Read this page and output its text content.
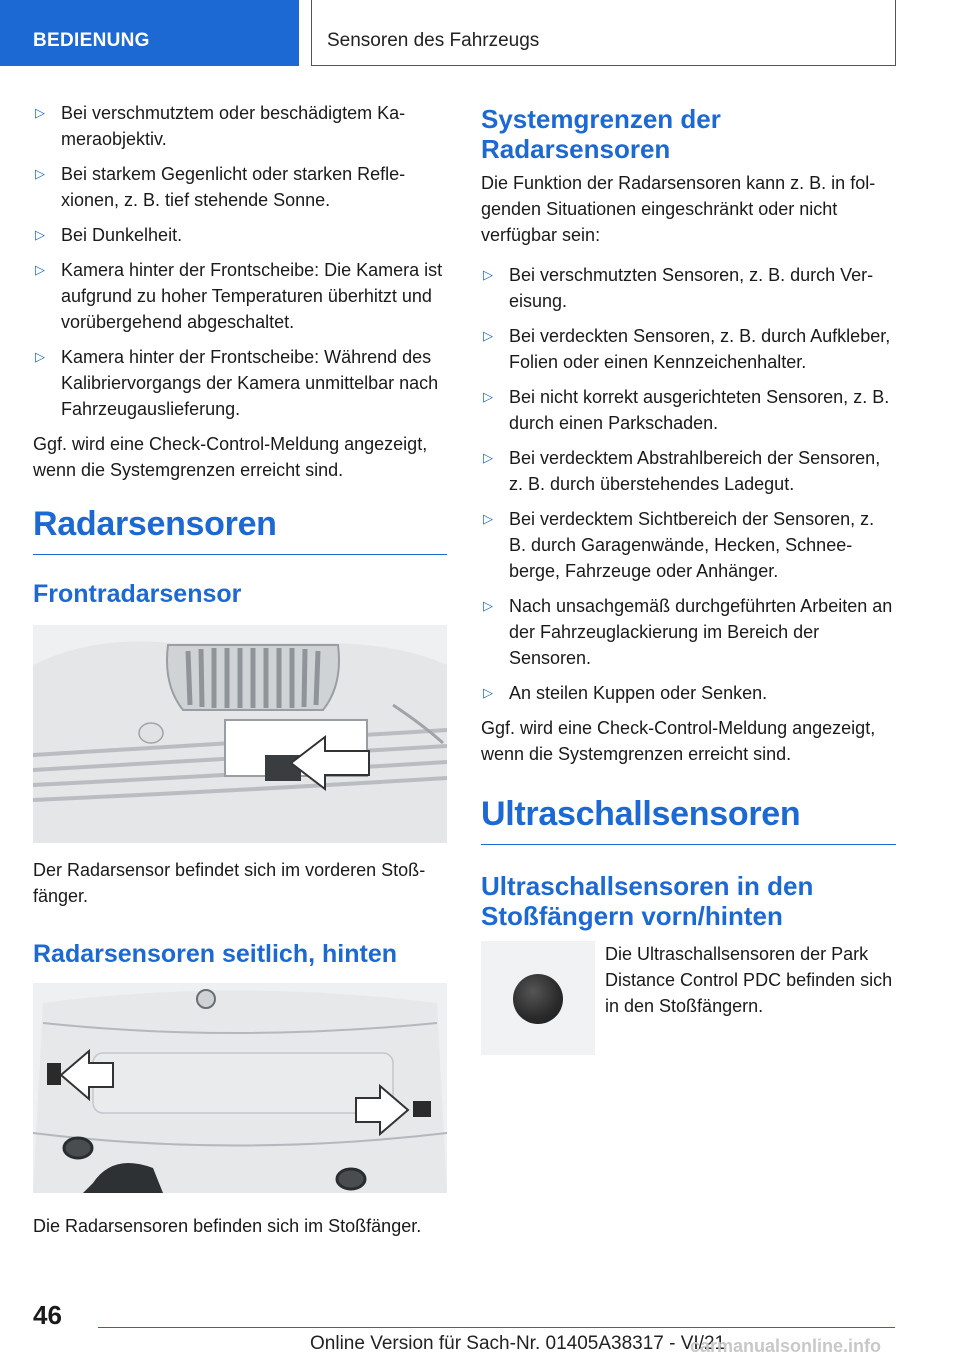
BEDIENUNG	Sensoren des Fahrzeugs
▷ Bei verschmutztem oder beschädigtem Kameraobjektiv.
▷ Bei starkem Gegenlicht oder starken Reflexionen, z. B. tief stehende Sonne.
▷ Bei Dunkelheit.
▷ Kamera hinter der Frontscheibe: Die Kamera ist aufgrund zu hoher Temperaturen überhitzt und vorübergehend abgeschaltet.
▷ Kamera hinter der Frontscheibe: Während des Kalibriervorgangs der Kamera unmittelbar nach Fahrzeugauslieferung.

Ggf. wird eine Check-Control-Meldung angezeigt, wenn die Systemgrenzen erreicht sind.

Radarsensoren
Frontradarsensor

Der Radarsensor befindet sich im vorderen Stoßfänger.

Radarsensoren seitlich, hinten

Die Radarsensoren befinden sich im Stoßfänger.

Systemgrenzen der Radarsensoren

Die Funktion der Radarsensoren kann z. B. in folgenden Situationen eingeschränkt oder nicht verfügbar sein:

▷ Bei verschmutzten Sensoren, z. B. durch Vereisung.
▷ Bei verdeckten Sensoren, z. B. durch Aufkleber, Folien oder einen Kennzeichenhalter.
▷ Bei nicht korrekt ausgerichteten Sensoren, z. B. durch einen Parkschaden.
▷ Bei verdecktem Abstrahlbereich der Sensoren, z. B. durch überstehendes Ladegut.
▷ Bei verdecktem Sichtbereich der Sensoren, z. B. durch Garagenwände, Hecken, Schneeberge, Fahrzeuge oder Anhänger.
▷ Nach unsachgemäß durchgeführten Arbeiten an der Fahrzeuglackierung im Bereich der Sensoren.
▷ An steilen Kuppen oder Senken.

Ggf. wird eine Check-Control-Meldung angezeigt, wenn die Systemgrenzen erreicht sind.

Ultraschallsensoren
Ultraschallsensoren in den Stoßfängern vorn/hinten
Die Ultraschallsensoren der Park Distance Control PDC befinden sich in den Stoßfängern.
46
Online Version für Sach-Nr. 01405A38317 - VI/21
carmanualsonline.info
